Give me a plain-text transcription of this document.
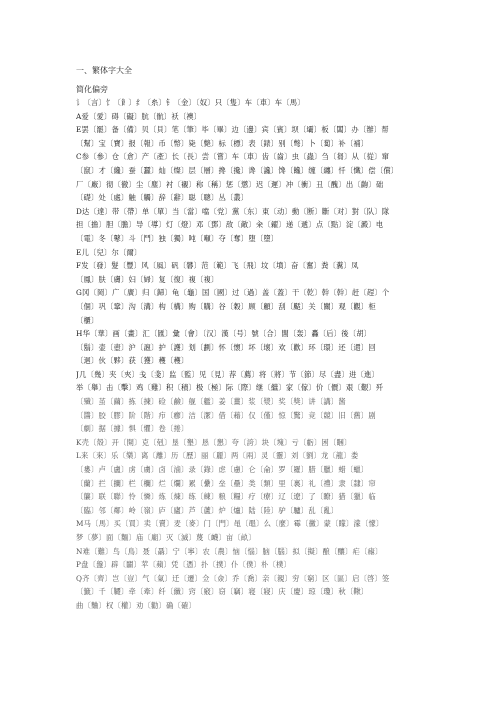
一、繁体字大全
简化偏旁
讠〔言〕饣〔飠〕纟〔糸〕钅〔金〕〔奴〕只〔隻〕车〔車〕车〔馬〕
A爱〔愛〕碍〔礙〕肮〔骯〕袄〔襖〕
E罢〔罷〕备〔備〕贝〔貝〕笔〔筆〕毕〔畢〕边〔邊〕宾〔賓〕坝〔壩〕板〔闆〕办〔辦〕帮
〔幫〕宝〔寶〕报〔報〕币〔幣〕毙〔斃〕标〔標〕表〔錶〕别〔彆〕卜〔蔔〕补〔補〕
C参〔參〕仓〔倉〕产〔產〕长〔長〕尝〔嘗〕车〔車〕齿〔齒〕虫〔蟲〕刍〔芻〕从〔從〕窜
〔竄〕才〔纔〕蚕〔蠶〕灿〔燦〕层〔層〕搀〔攙〕谗〔讒〕馋〔饞〕缠〔纏〕忏〔懺〕偿〔償〕
厂〔廠〕彻〔徹〕尘〔塵〕衬〔襯〕称〔稱〕惩〔懲〕迟〔遲〕冲〔衝〕丑〔醜〕出〔齣〕础
〔礎〕处〔處〕触〔觸〕辞〔辭〕聪〔聰〕丛〔叢〕
D达〔達〕带〔帶〕单〔單〕当〔當〕噹〔党〕黨〔东〕東〔动〕動〔断〕斷〔对〕對〔队〕隊
担〔擔〕胆〔膽〕导〔導〕灯〔燈〕邓〔鄧〕敌〔敵〕籴〔糴〕递〔遞〕点〔點〕淀〔澱〕电
〔電〕冬〔鼕〕斗〔鬥〕独〔獨〕吨〔噸〕夺〔奪〕堕〔墮〕
E儿〔兒〕尔〔爾〕
F发〔發〕髮〔豐〕风〔風〕矾〔礬〕范〔範〕飞〔飛〕坟〔墳〕奋〔奮〕粪〔糞〕凤
〔鳳〕肤〔膚〕妇〔婦〕复〔復〕複〔複〕
G冈〔岡〕广〔廣〕归〔歸〕龟〔龜〕国〔國〕过〔過〕盖〔蓋〕干〔乾〕幹〔幹〕赶〔趕〕个
〔個〕巩〔鞏〕沟〔溝〕构〔構〕购〔購〕谷〔穀〕顾〔顧〕刮〔颳〕关〔關〕观〔觀〕柜
〔櫃〕
H华〔華〕画〔畫〕汇〔匯〕彙〔會〕〔汉〕漢〔号〕號〔合〕閤〔轰〕轟〔后〕後〔胡〕
〔鬍〕壶〔壺〕沪〔滬〕护〔護〕划〔劃〕怀〔懷〕坏〔壞〕欢〔歡〕环〔環〕还〔還〕回
〔迴〕伙〔夥〕获〔獲〕穫〔穫〕
J几〔幾〕夹〔夾〕戋〔戔〕监〔監〕见〔見〕荐〔薦〕将〔將〕节〔節〕尽〔盡〕进〔進〕
举〔舉〕击〔擊〕鸡〔雞〕积〔積〕极〔極〕际〔際〕继〔繼〕家〔傢〕价〔價〕艰〔艱〕歼
〔殲〕茧〔繭〕拣〔揀〕硷〔鹼〕舰〔艦〕姜〔薑〕浆〔漿〕奖〔獎〕讲〔講〕酱
〔醬〕胶〔膠〕阶〔階〕疖〔癤〕洁〔潔〕借〔藉〕仅〔僅〕惊〔驚〕竞〔競〕旧〔舊〕剧
〔劇〕据〔據〕惧〔懼〕卷〔捲〕
K壳〔殼〕开〔開〕克〔剋〕垦〔墾〕恳〔懇〕夸〔誇〕块〔塊〕亏〔虧〕困〔睏〕
L来〔來〕乐〔樂〕离〔離〕历〔歷〕丽〔麗〕两〔兩〕灵〔靈〕刘〔劉〕龙〔龍〕娄
〔婁〕卢〔盧〕虏〔虜〕卤〔滷〕录〔錄〕虑〔慮〕仑〔侖〕罗〔羅〕腊〔臘〕蜡〔蠟〕
〔蘭〕拦〔攔〕栏〔欄〕烂〔爛〕累〔纍〕垒〔壘〕类〔類〕里〔裏〕礼〔禮〕隶〔隸〕帘
〔簾〕联〔聯〕怜〔憐〕炼〔煉〕练〔練〕粮〔糧〕疗〔療〕辽〔遼〕了〔瞭〕猎〔獵〕临
〔臨〕邻〔鄰〕岭〔嶺〕庐〔廬〕芦〔蘆〕炉〔爐〕陆〔陸〕驴〔驢〕乱〔亂〕
M马〔馬〕买〔買〕卖〔賣〕麦〔麥〕门〔門〕黾〔黽〕么〔麼〕霉〔黴〕蒙〔矇〕濛〔懞〕
梦〔夢〕面〔麵〕庙〔廟〕灭〔滅〕蔑〔衊〕亩〔畝〕
N难〔難〕鸟〔鳥〕聂〔聶〕宁〔寧〕农〔農〕恼〔惱〕脑〔腦〕拟〔擬〕酿〔釀〕疟〔瘧〕
P盘〔盤〕辟〔闢〕苹〔蘋〕凭〔憑〕扑〔撲〕仆〔僕〕朴〔樸〕
Q齐〔齊〕岂〔豈〕气〔氣〕迁〔遷〕佥〔僉〕乔〔喬〕亲〔親〕穷〔窮〕区〔區〕启〔啓〕签
〔籤〕千〔韆〕牵〔牽〕纤〔纖〕窍〔竅〕窃〔竊〕寝〔寢〕庆〔慶〕琼〔瓊〕秋〔鞦〕
曲〔麯〕权〔權〕劝〔勸〕确〔確〕
